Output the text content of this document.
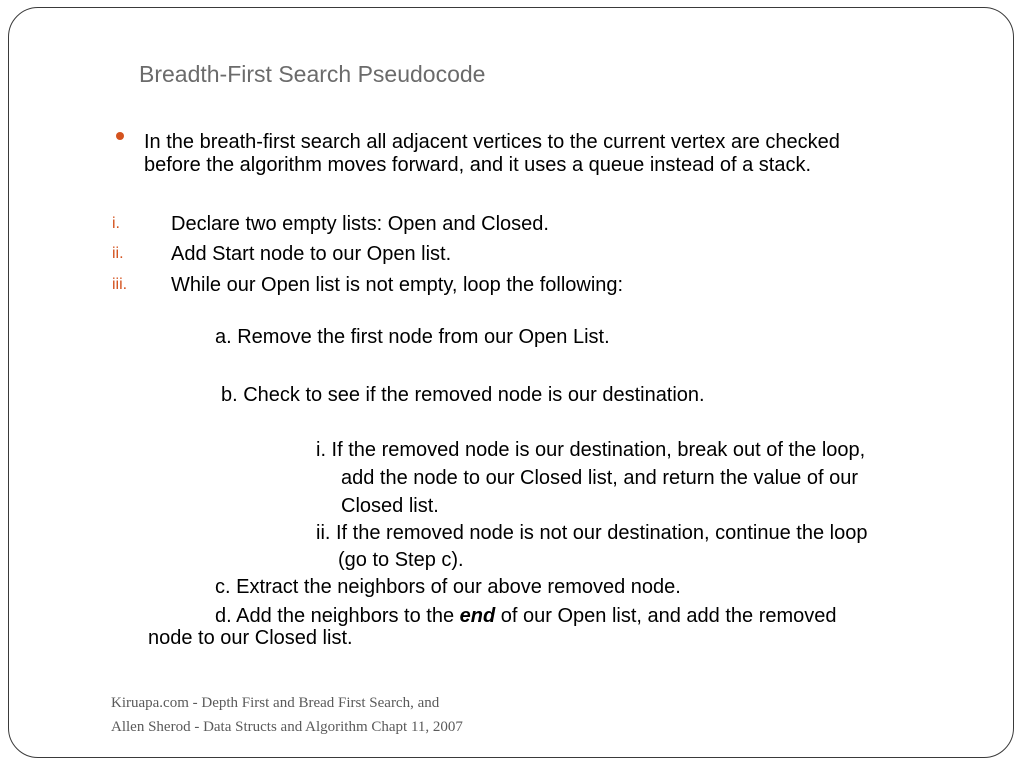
Breadth-First Search Pseudocode
In the breath-first search all adjacent vertices to the current vertex are checked
before the algorithm moves forward, and it uses a queue instead of a stack.
i.	Declare two empty lists: Open and Closed.
ii. Add Start node to our Open list.
iii. While our Open list is not empty, loop the following:
a. Remove the first node from our Open List.
b. Check to see if the removed node is our destination.
i. If the removed node is our destination, break out of the loop,
add the node to our Closed list, and return the value of our
Closed list.
ii. If the removed node is not our destination, continue the loop
(go to Step c).
c. Extract the neighbors of our above removed node.
d. Add the neighbors to the end of our Open list, and add the removed
node to our Closed list.
Kiruapa.com - Depth First and Bread First Search, and
Allen Sherod - Data Structs and Algorithm Chapt 11, 2007
